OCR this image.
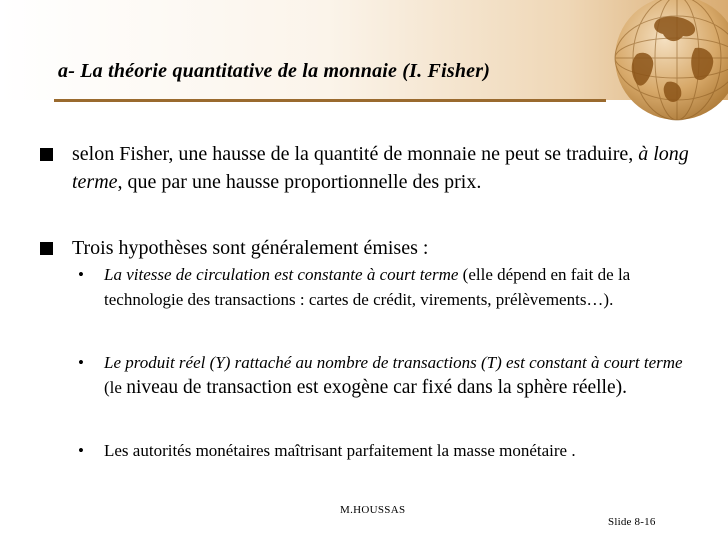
a- La théorie quantitative de la monnaie (I. Fisher)
selon Fisher, une hausse de la quantité de monnaie ne peut se traduire, à long terme, que par une hausse proportionnelle des prix.
Trois hypothèses sont généralement émises :
• La vitesse de circulation est constante à court terme (elle dépend en fait de la technologie des transactions : cartes de crédit, virements, prélèvements…).
• Le produit réel (Y) rattaché au nombre de transactions (T) est constant à court terme (le niveau de transaction est exogène car fixé dans la sphère réelle).
• Les autorités monétaires maîtrisant parfaitement la masse monétaire .
M.HOUSSAS
Slide 8-16
